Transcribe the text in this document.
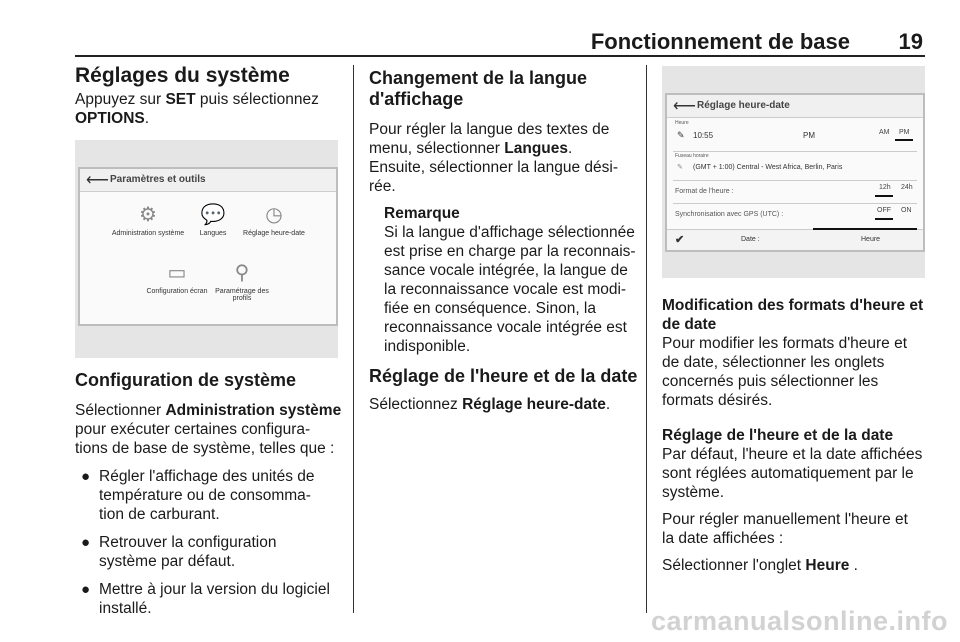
Fonctionnement de base 19
Réglages du système

Appuyez sur SET puis sélectionnez
OPTIONS.

⟵ Paramètres et outils
⚙
Administration système
💬
Langues
◷
Réglage heure-date
▭
Configuration écran
⚲
Paramétrage des profils
Configuration de système

Sélectionner Administration système
pour exécuter certaines configura-
tions de base de système, telles que :

● Régler l'affichage des unités de
température ou de consomma-
tion de carburant.
● Retrouver la configuration
système par défaut.
● Mettre à jour la version du logiciel
installé.
Changement de la langue
d'affichage

Pour régler la langue des textes de
menu, sélectionner Langues.
Ensuite, sélectionner la langue dési-
rée.

Remarque

Si la langue d'affichage sélectionnée
est prise en charge par la reconnais-
sance vocale intégrée, la langue de
la reconnaissance vocale est modi-
fiée en conséquence. Sinon, la
reconnaissance vocale intégrée est
indisponible.

Réglage de l'heure et de la date

Sélectionnez Réglage heure-date.

⟵ Réglage heure-date
Heure
✎ 10:55	PM	AM PM
Fuseau horaire
✎ (GMT + 1:00) Central - West Africa, Berlin, Paris
Format de l'heure :
12h 24h
Synchronisation avec GPS (UTC) :
OFF ON
✔	Date :	Heure
Modification des formats d'heure et de date

Pour modifier les formats d'heure et
de date, sélectionner les onglets
concernés puis sélectionner les
formats désirés.

Réglage de l'heure et de la date

Par défaut, l'heure et la date affichées
sont réglées automatiquement par le
système.

Pour régler manuellement l'heure et
la date affichées :

Sélectionner l'onglet Heure .

carmanualsonline.info
